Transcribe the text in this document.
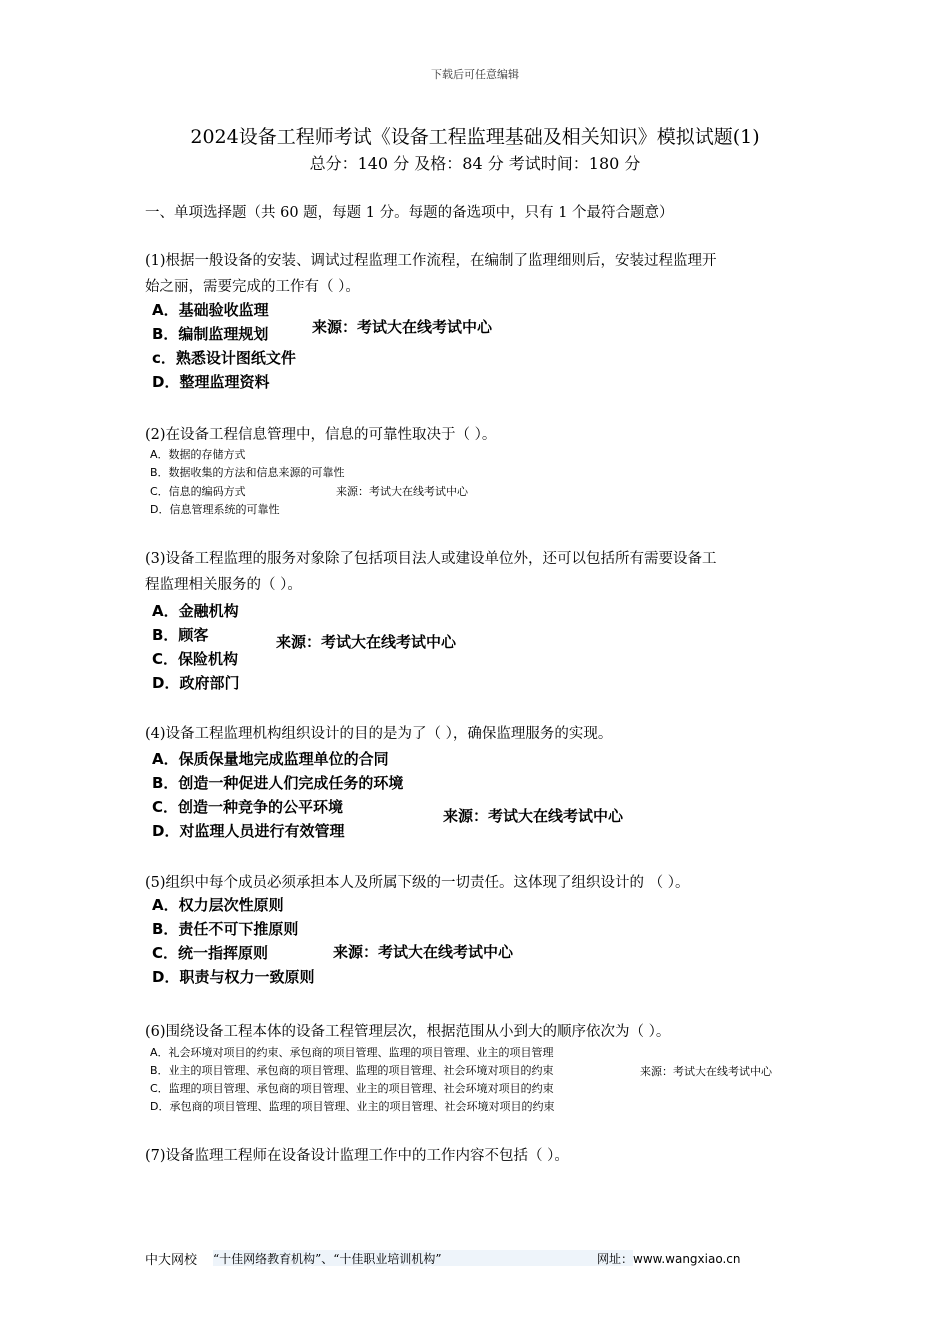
下载后可任意编辑
2024设备工程师考试《设备工程监理基础及相关知识》模拟试题(1)
总分：140 分 及格：84 分 考试时间：180 分
一、单项选择题（共 60 题，每题 1 分。每题的备选项中，只有 1 个最符合题意）
(1)根据一般设备的安装、调试过程监理工作流程，在编制了监理细则后，安装过程监理开
始之丽，需要完成的工作有（ ）。
A．基础验收监理
B．编制监理规划
c．熟悉设计图纸文件
D．整理监理资料
来源：考试大在线考试中心
(2)在设备工程信息管理中，信息的可靠性取决于（ ）。
A．数据的存储方式
B．数据收集的方法和信息来源的可靠性
C．信息的编码方式
D．信息管理系统的可靠性
来源：考试大在线考试中心
(3)设备工程监理的服务对象除了包括项目法人或建设单位外，还可以包括所有需要设备工
程监理相关服务的（ ）。
A．金融机构
B．顾客
C．保险机构
D．政府部门
来源：考试大在线考试中心
(4)设备工程监理机构组织设计的目的是为了（ ），确保监理服务的实现。
A．保质保量地完成监理单位的合同
B．创造一种促进人们完成任务的环境
C．创造一种竞争的公平环境
D．对监理人员进行有效管理
来源：考试大在线考试中心
(5)组织中每个成员必须承担本人及所属下级的一切责任。这体现了组织设计的 （ ）。
A．权力层次性原则
B．责任不可下推原则
C．统一指挥原则
D．职责与权力一致原则
来源：考试大在线考试中心
(6)围绕设备工程本体的设备工程管理层次，根据范围从小到大的顺序依次为（ ）。
A．礼会环境对项目的约束、承包商的项目管理、监理的项目管理、业主的项目管理
B．业主的项目管理、承包商的项目管理、监理的项目管理、社会环境对项目的约束
C．监理的项目管理、承包商的项目管理、业主的项目管理、社会环境对项目的约束
D．承包商的项目管理、监理的项目管理、业主的项目管理、社会环境对项目的约束
来源：考试大在线考试中心
(7)设备监理工程师在设备设计监理工作中的工作内容不包括（ ）。
中大网校 “十佳网络教育机构”、“十佳职业培训机构”	网址：www.wangxiao.cn
